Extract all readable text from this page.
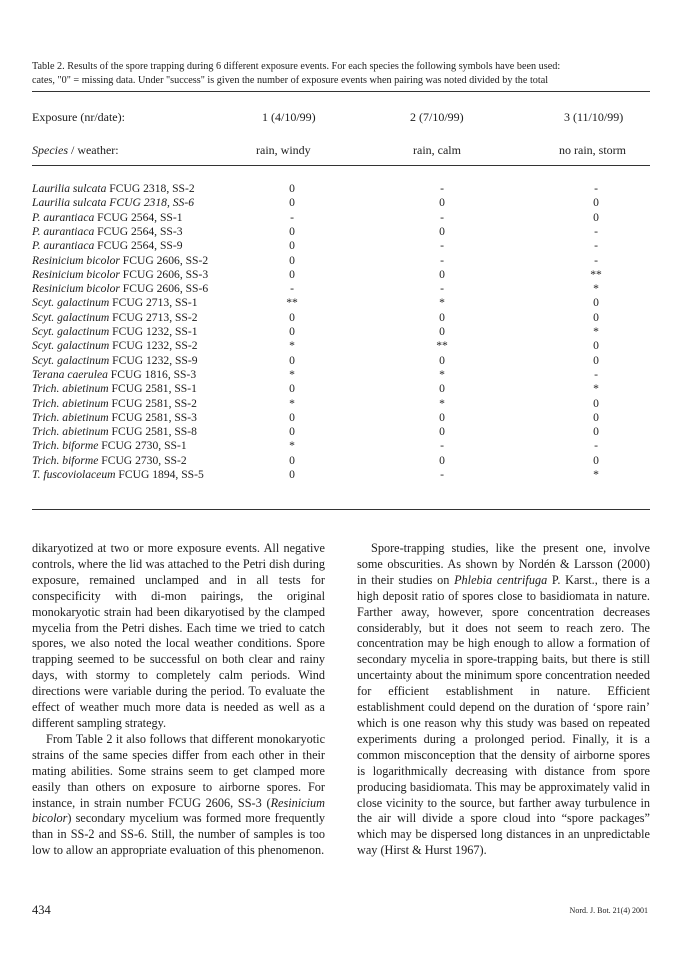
Table 2. Results of the spore trapping during 6 different exposure events. For each species the following symbols have been used:
cates, "0" = missing data. Under "success" is given the number of exposure events when pairing was noted divided by the total
Exposure (nr/date):	1 (4/10/99)	2 (7/10/99)	3 (11/10/99)
Species / weather:	rain, windy	rain, calm	no rain, storm
Laurilia sulcata FCUG 2318, SS-2	0	-	-
Laurilia sulcata FCUG 2318, SS-6	0	0	0
P. aurantiaca FCUG 2564, SS-1	-	-	0
P. aurantiaca FCUG 2564, SS-3	0	0	-
P. aurantiaca FCUG 2564, SS-9	0	-	-
Resinicium bicolor FCUG 2606, SS-2	0	-	-
Resinicium bicolor FCUG 2606, SS-3	0	0	**
Resinicium bicolor FCUG 2606, SS-6	-	-	*
Scyt. galactinum FCUG 2713, SS-1	**	*	0
Scyt. galactinum FCUG 2713, SS-2	0	0	0
Scyt. galactinum FCUG 1232, SS-1	0	0	*
Scyt. galactinum FCUG 1232, SS-2	*	**	0
Scyt. galactinum FCUG 1232, SS-9	0	0	0
Terana caerulea FCUG 1816, SS-3	*	*	-
Trich. abietinum FCUG 2581, SS-1	0	0	*
Trich. abietinum FCUG 2581, SS-2	*	*	0
Trich. abietinum FCUG 2581, SS-3	0	0	0
Trich. abietinum FCUG 2581, SS-8	0	0	0
Trich. biforme FCUG 2730, SS-1	*	-	-
Trich. biforme FCUG 2730, SS-2	0	0	0
T. fuscoviolaceum FCUG 1894, SS-5	0	-	*

dikaryotized at two or more exposure events. All negative controls, where the lid was attached to the Petri dish during exposure, remained unclamped and in all tests for conspecificity with di-mon pairings, the original monokaryotic strain had been dikaryotised by the clamped mycelia from the Petri dishes. Each time we tried to catch spores, we also noted the local weather conditions. Spore trapping seemed to be successful on both clear and rainy days, with stormy to completely calm periods. Wind directions were variable during the period. To evaluate the effect of weather much more data is needed as well as a different sampling strategy.

From Table 2 it also follows that different monokaryotic strains of the same species differ from each other in their mating abilities. Some strains seem to get clamped more easily than others on exposure to airborne spores. For instance, in strain number FCUG 2606, SS-3 (Resinicium bicolor) secondary mycelium was formed more frequently than in SS-2 and SS-6. Still, the number of samples is too low to allow an appropriate evaluation of this phenomenon.

Spore-trapping studies, like the present one, involve some obscurities. As shown by Nordén & Larsson (2000) in their studies on Phlebia centrifuga P. Karst., there is a high deposit ratio of spores close to basidiomata in nature. Farther away, however, spore concentration decreases considerably, but it does not seem to reach zero. The concentration may be high enough to allow a formation of secondary mycelia in spore-trapping baits, but there is still uncertainty about the minimum spore concentration needed for efficient establishment in nature. Efficient establishment could depend on the duration of ‘spore rain’ which is one reason why this study was based on repeated experiments during a prolonged period. Finally, it is a common misconception that the density of airborne spores is logarithmically decreasing with distance from spore producing basidiomata. This may be approximately valid in close vicinity to the source, but farther away turbulence in the air will divide a spore cloud into “spore packages” which may be dispersed long distances in an unpredictable way (Hirst & Hurst 1967).

434	Nord. J. Bot. 21(4) 2001
